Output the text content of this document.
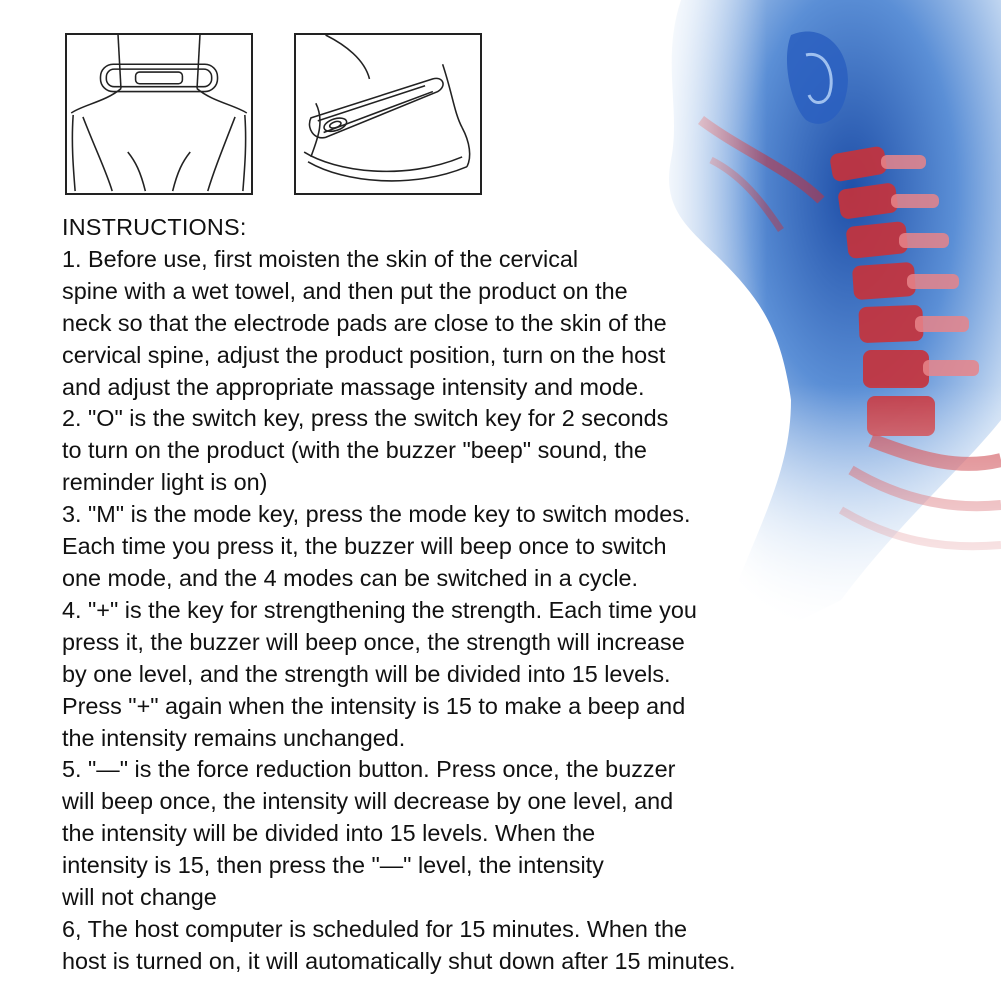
INSTRUCTIONS:
1. Before use, first moisten the skin of the cervical
spine with a wet towel, and then put the product on the
neck so that the electrode pads are close to the skin of the
cervical spine, adjust the product position, turn on the host
and adjust the appropriate massage intensity and mode.
2. "O" is the switch key, press the switch key for 2 seconds
to turn on the product (with the buzzer "beep" sound, the
reminder light is on)
3. "M" is the mode key, press the mode key to switch modes.
Each time you press it, the buzzer will beep once to switch
one mode, and the 4 modes can be switched in a cycle.
4. "+" is the key for strengthening the strength. Each time you
press it, the buzzer will beep once, the strength will increase
by one level, and the strength will be divided into 15 levels.
Press "+" again when the intensity is 15 to make a beep and
the intensity remains unchanged.
5. "—" is the force reduction button. Press once, the buzzer
will beep once, the intensity will decrease by one level, and
the intensity will be divided into 15 levels. When the
intensity is 15, then press the "—" level, the intensity
will not change
6, The host computer is scheduled for 15 minutes. When the
host is turned on, it will automatically shut down after 15 minutes.
